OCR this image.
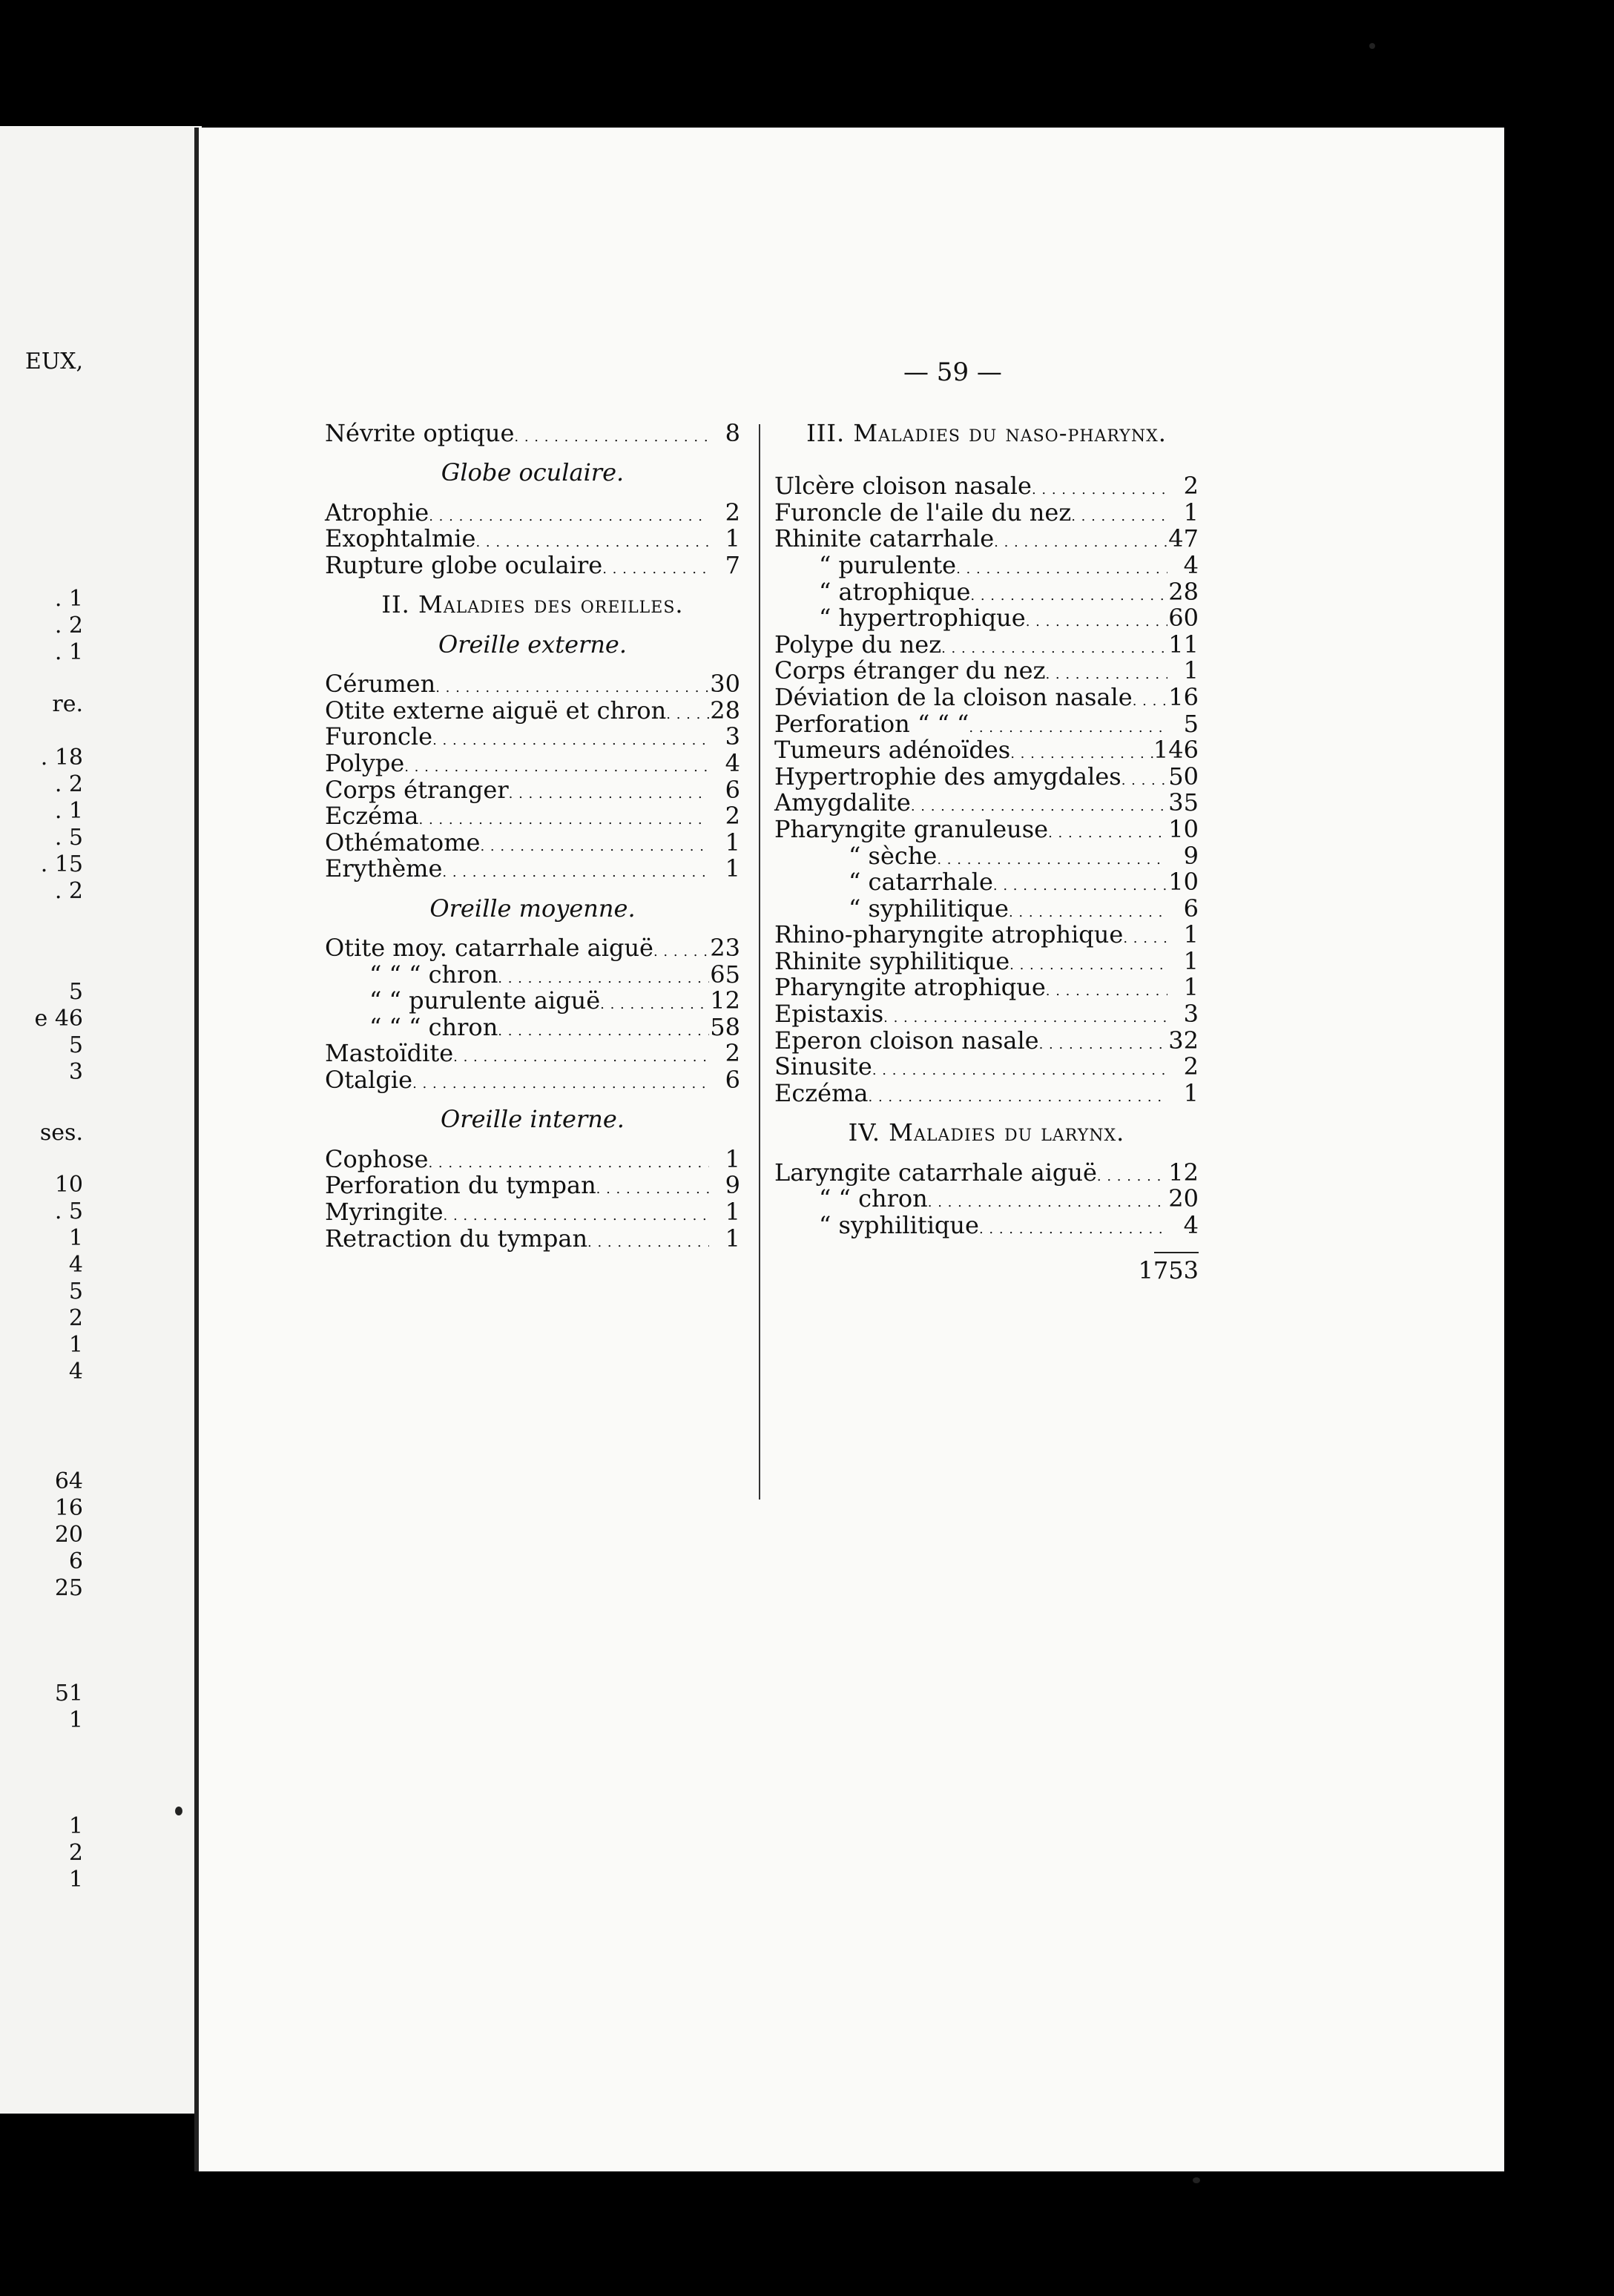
EUX,
. 1
. 2
. 1
re.
. 18
. 2
. 1
. 5
. 15
. 2
5
e 46
5
3
ses.
10
. 5
1
4
5
2
1
4
64
16
20
6
25
51
1
1
2
1
— 59 —
Névrite optique . . .	8
Globe oculaire.
Atrophie . . .	2
Exophtalmie . . .	1
Rupture globe oculaire . . .	7
II. Maladies des oreilles.
Oreille externe.
Cérumen . . .	30
Otite externe aiguë et chron . . . 28
Furoncle . . .	3
Polype . . .	4
Corps étranger . . .	6
Eczéma . . .	2
Othématome . . .	1
Erythème . . .	1
Oreille moyenne.
Otite moy. catarrhale aiguë . . . 23
“ “ “ chron . . .	65
“ “ purulente aiguë . . .	12
“ “ “ chron . . .	58
Mastoïdite . . .	2
Otalgie . . .	6
Oreille interne.
Cophose . . .	1
Perforation du tympan . . .	9
Myringite . . .	1
Retraction du tympan . . .	1
III. Maladies du naso-pharynx.
Ulcère cloison nasale . . .	2
Furoncle de l'aile du nez . . .	1
Rhinite catarrhale . . .	47
“ purulente . . .	4
“ atrophique . . .	28
“ hypertrophique . . .	60
Polype du nez . . .	11
Corps étranger du nez . . .	1
Déviation de la cloison nasale . . . 16
Perforation “ “ “ . . .	5
Tumeurs adénoïdes . . .	146
Hypertrophie des amygdales . . . 50
Amygdalite . . .	35
Pharyngite granuleuse . . .	10
“ sèche . . .	9
“ catarrhale . . .	10
“ syphilitique . . .	6
Rhino-pharyngite atrophique . . .	1
Rhinite syphilitique . . .	1
Pharyngite atrophique . . .	1
Epistaxis . . .	3
Eperon cloison nasale . . .	32
Sinusite . . .	2
Eczéma . . .	1
IV. Maladies du larynx.
Laryngite catarrhale aiguë . . .	12
“ “ chron . . .	20
“ syphilitique . . .	4
1753
